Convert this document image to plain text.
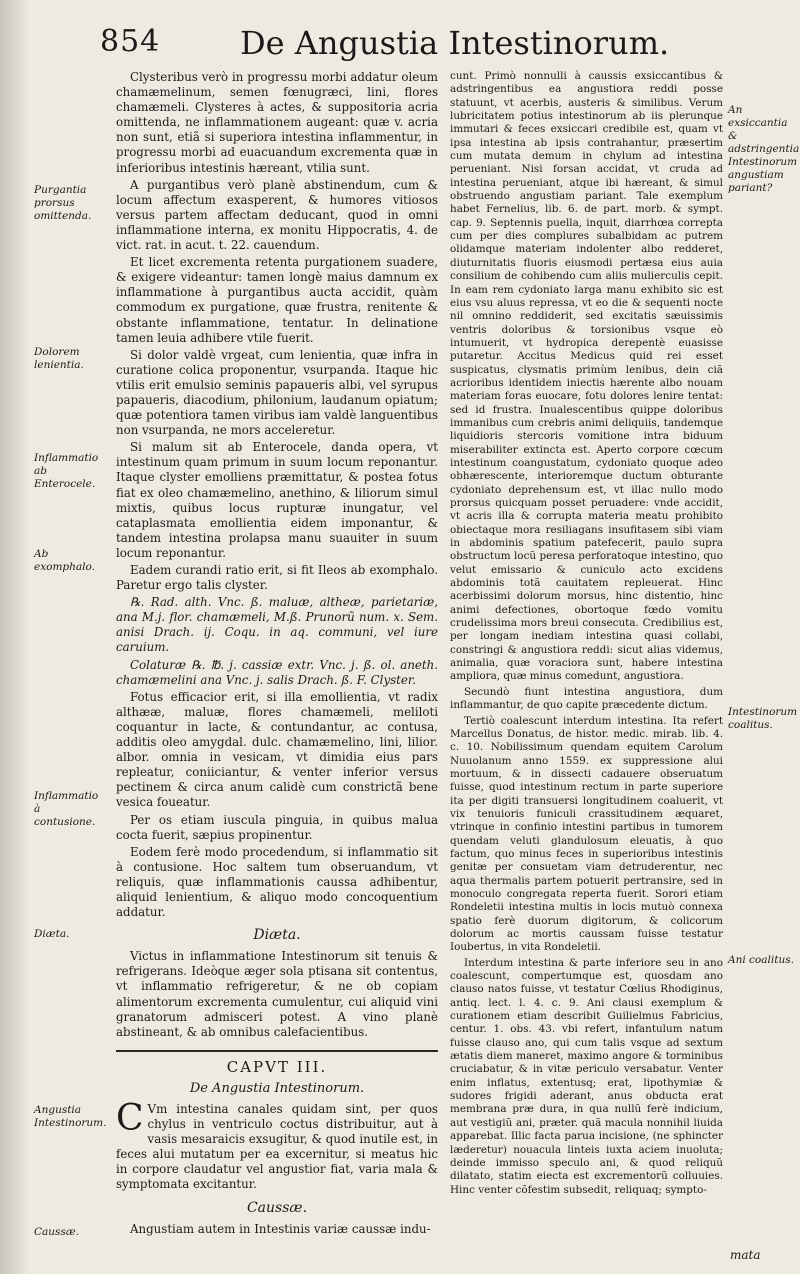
854 De Angustia Intestinorum.
Purgantia prorsus omittenda.
Dolorem lenientia.
Inflammatio ab Enterocele.
Ab exomphalo.
Inflammatio à contusione.
Diæta.
Angustia Intestinorum.
Caussæ.
An exsiccantia & adstringentia Intestinorum angustiam pariant?
Intestinorum coalitus.
Ani coalitus.

Clysteribus verò in progressu morbi addatur oleum chamæmelinum, semen fœnugræci, lini, flores chamæmeli. Clysteres à actes, & suppositoria acria omittenda, ne inflammationem augeant: quæ v. acria non sunt, etiã si superiora intestina inflammentur, in progressu morbi ad euacuandum excrementa quæ in inferioribus intestinis hæreant, vtilia sunt.

A purgantibus verò planè abstinendum, cum & locum affectum exasperent, & humores vitiosos versus partem affectam deducant, quod in omni inflammatione interna, ex monitu Hippocratis, 4. de vict. rat. in acut. t. 22. cauendum.

Et licet excrementa retenta purgationem suadere, & exigere videantur: tamen longè maius damnum ex inflammatione à purgantibus aucta accidit, quàm commodum ex purgatione, quæ frustra, renitente & obstante inflammatione, tentatur. In delinatione tamen leuia adhibere vtile fuerit.

Si dolor valdè vrgeat, cum lenientia, quæ infra in curatione colica proponentur, vsurpanda. Itaque hic vtilis erit emulsio seminis papaueris albi, vel syrupus papaueris, diacodium, philonium, laudanum opiatum; quæ potentiora tamen viribus iam valdè languentibus non vsurpanda, ne mors acceleretur.

Si malum sit ab Enterocele, danda opera, vt intestinum quam primum in suum locum reponantur. Itaque clyster emolliens præmittatur, & postea fotus fiat ex oleo chamæmelino, anethino, & liliorum simul mixtis, quibus locus rupturæ inungatur, vel cataplasmata emollientia eidem imponantur, & tandem intestina prolapsa manu suauiter in suum locum reponantur.

Eadem curandi ratio erit, si fit Ileos ab exomphalo. Paretur ergo talis clyster.

℞. Rad. alth. Vnc. ß. maluæ, altheæ, parietariæ, ana M.j. flor. chamæmeli, M.ß. Prunorũ num. x. Sem. anisi Drach. ij. Coqu. in aq. communi, vel iure caruium.

Colaturæ ℞. ℔. j. cassiæ extr. Vnc. j. ß. ol. aneth. chamæmelini ana Vnc. j. salis Drach. ß. F. Clyster.

Fotus efficacior erit, si illa emollientia, vt radix althææ, maluæ, flores chamæmeli, meliloti coquantur in lacte, & contundantur, ac contusa, additis oleo amygdal. dulc. chamæmelino, lini, lilior. albor. omnia in vesicam, vt dimidia eius pars repleatur, coniiciantur, & venter inferior versus pectinem & circa anum calidè cum constrictã bene vesica foueatur.

Per os etiam iuscula pinguia, in quibus malua cocta fuerit, sæpius propinentur.

Eodem ferè modo procedendum, si inflammatio sit à contusione. Hoc saltem tum obseruandum, vt reliquis, quæ inflammationis caussa adhibentur, aliquid lenientium, & aliquo modo concoquentium addatur.

Diæta.

Victus in inflammatione Intestinorum sit tenuis & refrigerans. Ideòque æger sola ptisana sit contentus, vt inflammatio refrigeretur, & ne ob copiam alimentorum excrementa cumulentur, cui aliquid vini granatorum admisceri potest. A vino planè abstineant, & ab omnibus calefacientibus.

CAPVT III.
De Angustia Intestinorum.
C Vm intestina canales quidam sint, per quos chylus in ventriculo coctus distribuitur, aut à vasis mesaraicis exsugitur, & quod inutile est, in feces alui mutatum per ea excernitur, si meatus hic in corpore claudatur vel angustior fiat, varia mala & symptomata excitantur.
Caussæ.

Angustiam autem in Intestinis variæ caussæ indu-

cunt. Primò nonnulli à caussis exsiccantibus & adstringentibus ea angustiora reddi posse statuunt, vt acerbis, austeris & similibus. Verum lubricitatem potius intestinorum ab iis plerunque immutari & feces exsiccari credibile est, quam vt ipsa intestina ab ipsis contrahantur, præsertim cum mutata demum in chylum ad intestina perueniant. Nisi forsan accidat, vt cruda ad intestina perueniant, atque ibi hæreant, & simul obstruendo angustiam pariant. Tale exemplum habet Fernelius, lib. 6. de part. morb. & sympt. cap. 9. Septennis puella, inquit, diarrhœa correpta cum per dies complures subalbidam ac putrem olidamque materiam indolenter albo redderet, diuturnitatis fluoris eiusmodi pertæsa eius auia consilium de cohibendo cum aliis mulierculis cepit. In eam rem cydoniato larga manu exhibito sic est eius vsu aluus repressa, vt eo die & sequenti nocte nil omnino reddiderit, sed excitatis sæuissimis ventris doloribus & torsionibus vsque eò intumuerit, vt hydropica derepentè euasisse putaretur. Accitus Medicus quid rei esset suspicatus, clysmatis primùm lenibus, dein ciã acrioribus identidem iniectis hærente albo nouam materiam foras euocare, fotu dolores lenire tentat: sed id frustra. Inualescentibus quippe doloribus immanibus cum crebris animi deliquiis, tandemque liquidioris stercoris vomitione intra biduum miserabiliter extincta est. Aperto corpore cœcum intestinum coangustatum, cydoniato quoque adeo obhærescente, interioremque ductum obturante cydoniato deprehensum est, vt illac nullo modo prorsus quicquam posset peruadere: vnde accidit, vt acris illa & corrupta materia meatu prohibito obiectaque mora resiliagans insufitasem sibi viam in abdominis spatium patefecerit, paulo supra obstructum locũ peresa perforatoque intestino, quo velut emissario & cuniculo acto excidens abdominis totã cauitatem repleuerat. Hinc acerbissimi dolorum morsus, hinc distentio, hinc animi defectiones, obortoque fœdo vomitu crudelissima mors breui consecuta. Credibilius est, per longam inediam intestina quasi collabi, constringi & angustiora reddi: sicut alias videmus, animalia, quæ voraciora sunt, habere intestina ampliora, quæ minus comedunt, angustiora.

Secundò fiunt intestina angustiora, dum inflammantur, de quo capite præcedente dictum.

Tertiò coalescunt interdum intestina. Ita refert Marcellus Donatus, de histor. medic. mirab. lib. 4. c. 10. Nobilissimum quendam equitem Carolum Nuuolanum anno 1559. ex suppressione alui mortuum, & in dissecti cadauere obseruatum fuisse, quod intestinum rectum in parte superiore ita per digiti transuersi longitudinem coaluerit, vt vix tenuioris funiculi crassitudinem æquaret, vtrinque in confinio intestini partibus in tumorem quendam veluti glandulosum eleuatis, à quo factum, quo minus feces in superioribus intestinis genitæ per consuetam viam detruderentur, nec aqua thermalis partem potuerit pertransire, sed in monoculo congregata reperta fuerit. Sorori etiam Rondeletii intestina multis in locis mutuò connexa spatio ferè duorum digitorum, & colicorum dolorum ac mortis caussam fuisse testatur Ioubertus, in vita Rondeletii.

Interdum intestina & parte inferiore seu in ano coalescunt, compertumque est, quosdam ano clauso natos fuisse, vt testatur Cœlius Rhodiginus, antiq. lect. l. 4. c. 9. Ani clausi exemplum & curationem etiam describit Guilielmus Fabricius, centur. 1. obs. 43. vbi refert, infantulum natum fuisse clauso ano, qui cum talis vsque ad sextum ætatis diem maneret, maximo angore & torminibus cruciabatur, & in vitæ periculo versabatur. Venter enim inflatus, extentusq; erat, lipothymiæ & sudores frigidi aderant, anus obducta erat membrana præ dura, in qua nullũ ferè indicium, aut vestigiũ ani, præter. quã macula nonnihil liuida apparebat. Illic facta parua incisione, (ne sphincter læderetur) nouacula linteis iuxta aciem inuoluta; deinde immisso speculo ani, & quod reliquũ dilatato, statim eiecta est excrementorũ colluuies. Hinc venter cõfestim subsedit, reliquaq; sympto-

mata
